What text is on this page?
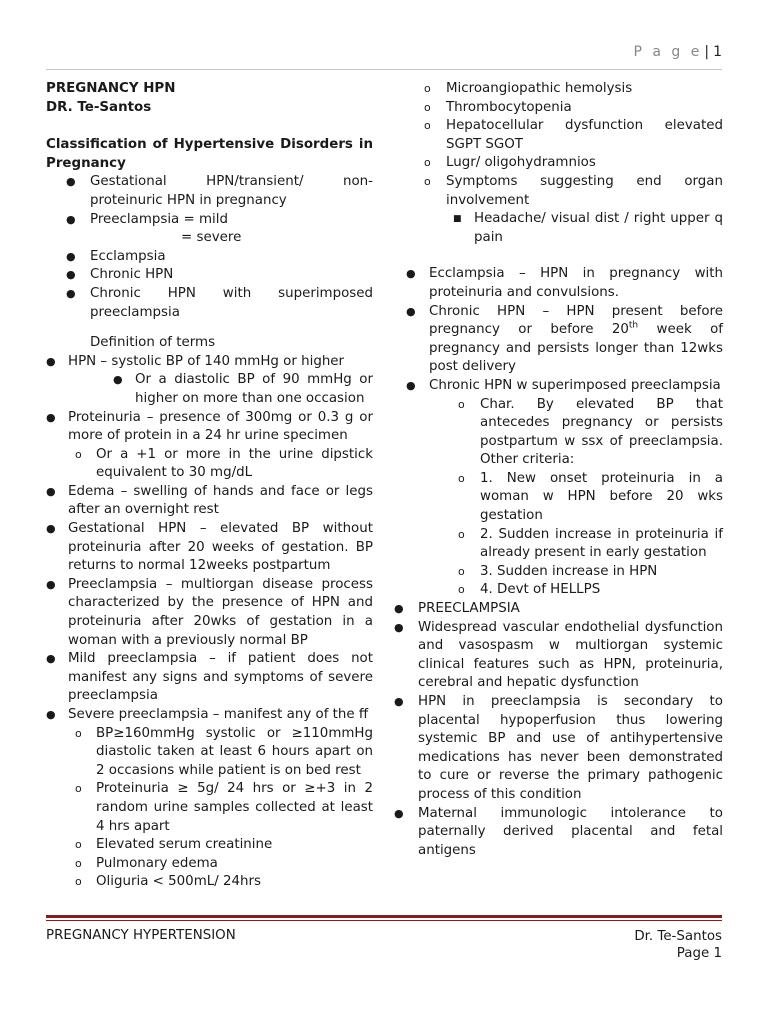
P a g e | 1
PREGNANCY HPN
DR. Te-Santos
Classification of Hypertensive Disorders in Pregnancy
● Gestational HPN/transient/ non-proteinuric HPN in pregnancy
● Preeclampsia = mild
= severe
● Ecclampsia
● Chronic HPN
● Chronic HPN with superimposed preeclampsia
Definition of terms
● HPN – systolic BP of 140 mmHg or higher
● Or a diastolic BP of 90 mmHg or higher on more than one occasion
● Proteinuria – presence of 300mg or 0.3 g or more of protein in a 24 hr urine specimen
o Or a +1 or more in the urine dipstick equivalent to 30 mg/dL
● Edema – swelling of hands and face or legs after an overnight rest
● Gestational HPN – elevated BP without proteinuria after 20 weeks of gestation. BP returns to normal 12weeks postpartum
● Preeclampsia – multiorgan disease process characterized by the presence of HPN and proteinuria after 20wks of gestation in a woman with a previously normal BP
● Mild preeclampsia – if patient does not manifest any signs and symptoms of severe preeclampsia
● Severe preeclampsia – manifest any of the ff
o BP≥160mmHg systolic or ≥110mmHg diastolic taken at least 6 hours apart on 2 occasions while patient is on bed rest
o Proteinuria ≥ 5g/ 24 hrs or ≥+3 in 2 random urine samples collected at least 4 hrs apart
o Elevated serum creatinine
o Pulmonary edema
o Oliguria < 500mL/ 24hrs
o Microangiopathic hemolysis
o Thrombocytopenia
o Hepatocellular dysfunction elevated SGPT SGOT
o Lugr/ oligohydramnios
o Symptoms suggesting end organ involvement
■ Headache/ visual dist / right upper q pain
● Ecclampsia – HPN in pregnancy with proteinuria and convulsions.
● Chronic HPN – HPN present before pregnancy or before 20th week of pregnancy and persists longer than 12wks post delivery
● Chronic HPN w superimposed preeclampsia
o Char. By elevated BP that antecedes pregnancy or persists postpartum w ssx of preeclampsia. Other criteria:
o 1. New onset proteinuria in a woman w HPN before 20 wks gestation
o 2. Sudden increase in proteinuria if already present in early gestation
o 3. Sudden increase in HPN
o 4. Devt of HELLPS
● PREECLAMPSIA
● Widespread vascular endothelial dysfunction and vasospasm w multiorgan systemic clinical features such as HPN, proteinuria, cerebral and hepatic dysfunction
● HPN in preeclampsia is secondary to placental hypoperfusion thus lowering systemic BP and use of antihypertensive medications has never been demonstrated to cure or reverse the primary pathogenic process of this condition
● Maternal immunologic intolerance to paternally derived placental and fetal antigens
PREGNANCY HYPERTENSION	Dr. Te-Santos
Page 1
